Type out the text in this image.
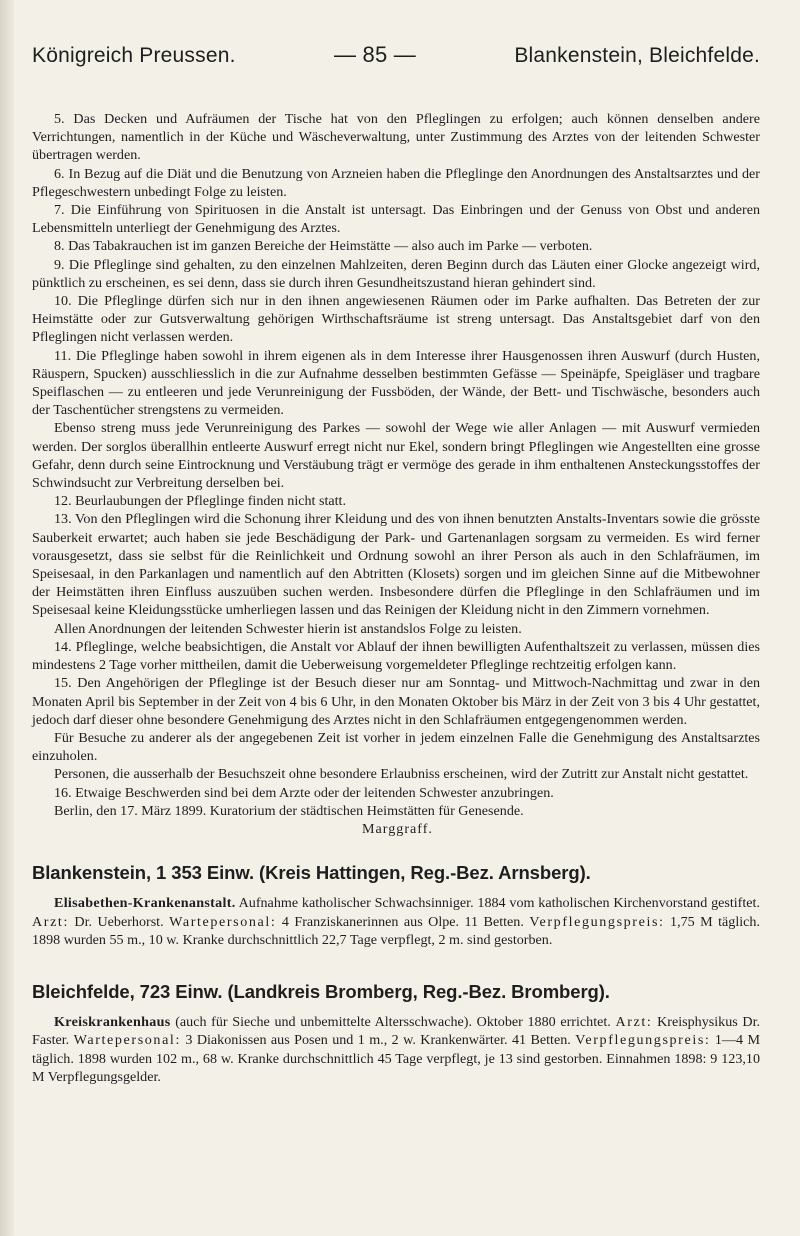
Königreich Preussen.	— 85 —	Blankenstein, Bleichfelde.

5. Das Decken und Aufräumen der Tische hat von den Pfleglingen zu erfolgen; auch können denselben andere Verrichtungen, namentlich in der Küche und Wäscheverwaltung, unter Zustimmung des Arztes von der leitenden Schwester übertragen werden.

6. In Bezug auf die Diät und die Benutzung von Arzneien haben die Pfleglinge den Anordnungen des Anstaltsarztes und der Pflegeschwestern unbedingt Folge zu leisten.

7. Die Einführung von Spirituosen in die Anstalt ist untersagt. Das Einbringen und der Genuss von Obst und anderen Lebensmitteln unterliegt der Genehmigung des Arztes.

8. Das Tabakrauchen ist im ganzen Bereiche der Heimstätte — also auch im Parke — verboten.

9. Die Pfleglinge sind gehalten, zu den einzelnen Mahlzeiten, deren Beginn durch das Läuten einer Glocke angezeigt wird, pünktlich zu erscheinen, es sei denn, dass sie durch ihren Gesundheitszustand hieran gehindert sind.

10. Die Pfleglinge dürfen sich nur in den ihnen angewiesenen Räumen oder im Parke aufhalten. Das Betreten der zur Heimstätte oder zur Gutsverwaltung gehörigen Wirthschaftsräume ist streng untersagt. Das Anstaltsgebiet darf von den Pfleglingen nicht verlassen werden.

11. Die Pfleglinge haben sowohl in ihrem eigenen als in dem Interesse ihrer Hausgenossen ihren Auswurf (durch Husten, Räuspern, Spucken) ausschliesslich in die zur Aufnahme desselben bestimmten Gefässe — Speinäpfe, Speigläser und tragbare Speiflaschen — zu entleeren und jede Verunreinigung der Fussböden, der Wände, der Bett- und Tischwäsche, besonders auch der Taschentücher strengstens zu vermeiden.

Ebenso streng muss jede Verunreinigung des Parkes — sowohl der Wege wie aller Anlagen — mit Auswurf vermieden werden. Der sorglos überallhin entleerte Auswurf erregt nicht nur Ekel, sondern bringt Pfleglingen wie Angestellten eine grosse Gefahr, denn durch seine Eintrocknung und Verstäubung trägt er vermöge des gerade in ihm enthaltenen Ansteckungsstoffes der Schwindsucht zur Verbreitung derselben bei.

12. Beurlaubungen der Pfleglinge finden nicht statt.

13. Von den Pfleglingen wird die Schonung ihrer Kleidung und des von ihnen benutzten Anstalts-Inventars sowie die grösste Sauberkeit erwartet; auch haben sie jede Beschädigung der Park- und Gartenanlagen sorgsam zu vermeiden. Es wird ferner vorausgesetzt, dass sie selbst für die Reinlichkeit und Ordnung sowohl an ihrer Person als auch in den Schlafräumen, im Speisesaal, in den Parkanlagen und namentlich auf den Abtritten (Klosets) sorgen und im gleichen Sinne auf die Mitbewohner der Heimstätten ihren Einfluss auszuüben suchen werden. Insbesondere dürfen die Pfleglinge in den Schlafräumen und im Speisesaal keine Kleidungsstücke umherliegen lassen und das Reinigen der Kleidung nicht in den Zimmern vornehmen.

Allen Anordnungen der leitenden Schwester hierin ist anstandslos Folge zu leisten.

14. Pfleglinge, welche beabsichtigen, die Anstalt vor Ablauf der ihnen bewilligten Aufenthaltszeit zu verlassen, müssen dies mindestens 2 Tage vorher mittheilen, damit die Ueberweisung vorgemeldeter Pfleglinge rechtzeitig erfolgen kann.

15. Den Angehörigen der Pfleglinge ist der Besuch dieser nur am Sonntag- und Mittwoch-Nachmittag und zwar in den Monaten April bis September in der Zeit von 4 bis 6 Uhr, in den Monaten Oktober bis März in der Zeit von 3 bis 4 Uhr gestattet, jedoch darf dieser ohne besondere Genehmigung des Arztes nicht in den Schlafräumen entgegengenommen werden.

Für Besuche zu anderer als der angegebenen Zeit ist vorher in jedem einzelnen Falle die Genehmigung des Anstaltsarztes einzuholen.

Personen, die ausserhalb der Besuchszeit ohne besondere Erlaubniss erscheinen, wird der Zutritt zur Anstalt nicht gestattet.

16. Etwaige Beschwerden sind bei dem Arzte oder der leitenden Schwester anzubringen.

Berlin, den 17. März 1899. Kuratorium der städtischen Heimstätten für Genesende.

Marggraff.

Blankenstein, 1 353 Einw. (Kreis Hattingen, Reg.-Bez. Arnsberg).

Elisabethen-Krankenanstalt. Aufnahme katholischer Schwachsinniger. 1884 vom katholischen Kirchenvorstand gestiftet. Arzt: Dr. Ueberhorst. Wartepersonal: 4 Franziskanerinnen aus Olpe. 11 Betten. Verpflegungspreis: 1,75 M täglich. 1898 wurden 55 m., 10 w. Kranke durchschnittlich 22,7 Tage verpflegt, 2 m. sind gestorben.

Bleichfelde, 723 Einw. (Landkreis Bromberg, Reg.-Bez. Bromberg).

Kreiskrankenhaus (auch für Sieche und unbemittelte Altersschwache). Oktober 1880 errichtet. Arzt: Kreisphysikus Dr. Faster. Wartepersonal: 3 Diakonissen aus Posen und 1 m., 2 w. Krankenwärter. 41 Betten. Verpflegungspreis: 1—4 M täglich. 1898 wurden 102 m., 68 w. Kranke durchschnittlich 45 Tage verpflegt, je 13 sind gestorben. Einnahmen 1898: 9 123,10 M Verpflegungsgelder.
